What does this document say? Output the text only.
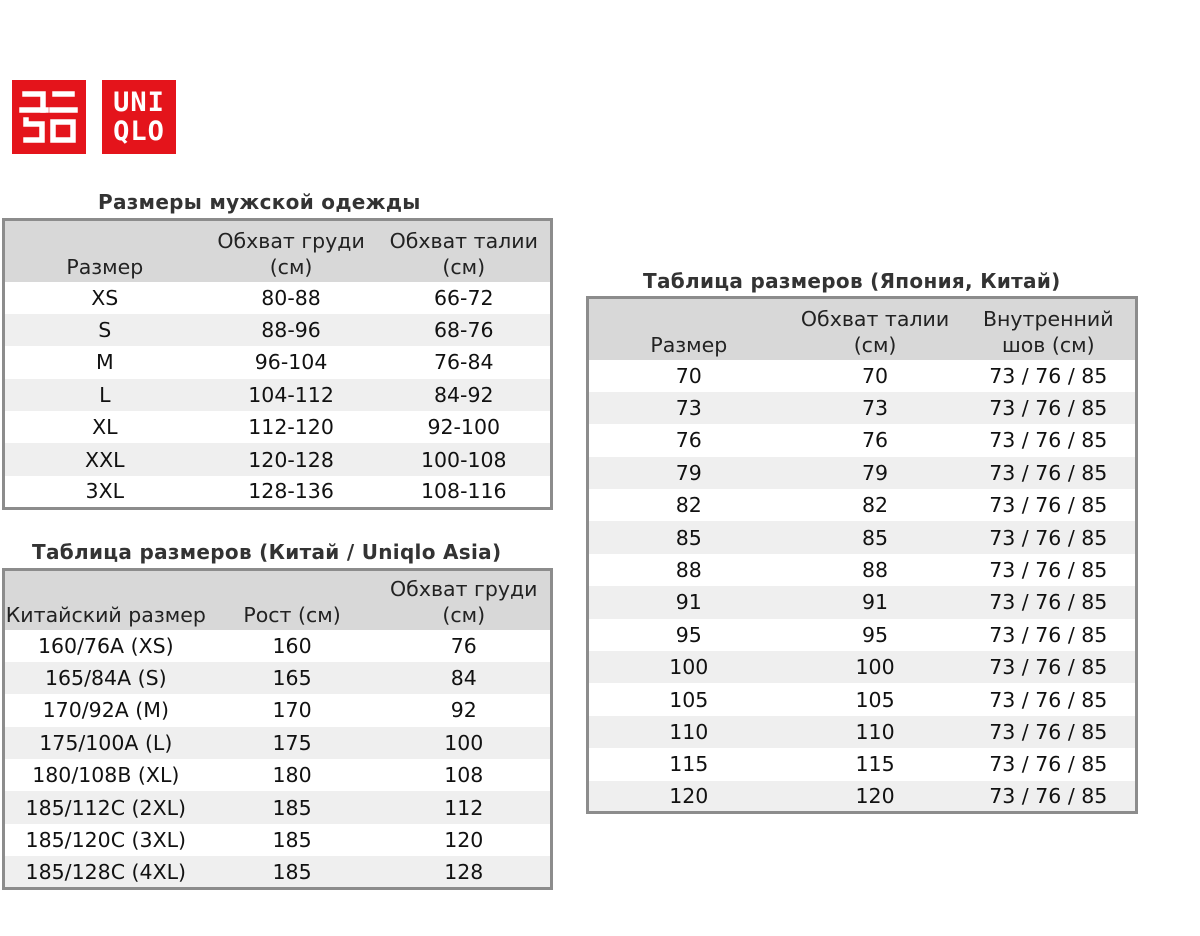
UNI
QLO
Размеры мужской одежды
Размер	Обхват груди (см)	Обхват талии (см)
XS	80-88	66-72
S	88-96	68-76
M	96-104	76-84
L	104-112	84-92
XL	112-120	92-100
XXL	120-128	100-108
3XL	128-136	108-116
Таблица размеров (Китай / Uniqlo Asia)
Китайский размер	Рост (см)	Обхват груди (см)
160/76A (XS)	160	76
165/84A (S)	165	84
170/92A (M)	170	92
175/100A (L)	175	100
180/108B (XL)	180	108
185/112C (2XL)	185	112
185/120C (3XL)	185	120
185/128C (4XL)	185	128
Таблица размеров (Япония, Китай)
Размер	Обхват талии (см)	Внутренний шов (см)
70	70	73 / 76 / 85
73	73	73 / 76 / 85
76	76	73 / 76 / 85
79	79	73 / 76 / 85
82	82	73 / 76 / 85
85	85	73 / 76 / 85
88	88	73 / 76 / 85
91	91	73 / 76 / 85
95	95	73 / 76 / 85
100	100	73 / 76 / 85
105	105	73 / 76 / 85
110	110	73 / 76 / 85
115	115	73 / 76 / 85
120	120	73 / 76 / 85
